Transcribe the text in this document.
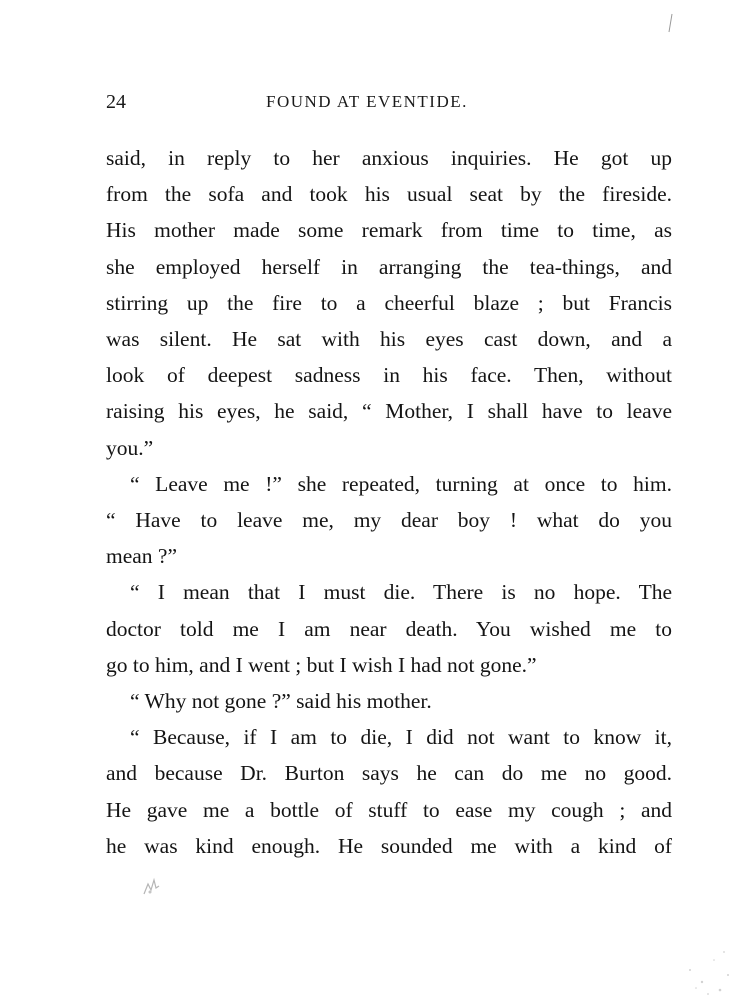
24	FOUND AT EVENTIDE.
said, in reply to her anxious inquiries. He got up
from the sofa and took his usual seat by the fireside.
His mother made some remark from time to time, as
she employed herself in arranging the tea-things, and
stirring up the fire to a cheerful blaze ; but Francis
was silent. He sat with his eyes cast down, and a
look of deepest sadness in his face. Then, without
raising his eyes, he said, “ Mother, I shall have to leave
you.”
“ Leave me !” she repeated, turning at once to him.
“ Have to leave me, my dear boy ! what do you
mean ?”
“ I mean that I must die. There is no hope. The
doctor told me I am near death. You wished me to
go to him, and I went ; but I wish I had not gone.”
“ Why not gone ?” said his mother.
“ Because, if I am to die, I did not want to know it,
and because Dr. Burton says he can do me no good.
He gave me a bottle of stuff to ease my cough ; and
he was kind enough. He sounded me with a kind of
